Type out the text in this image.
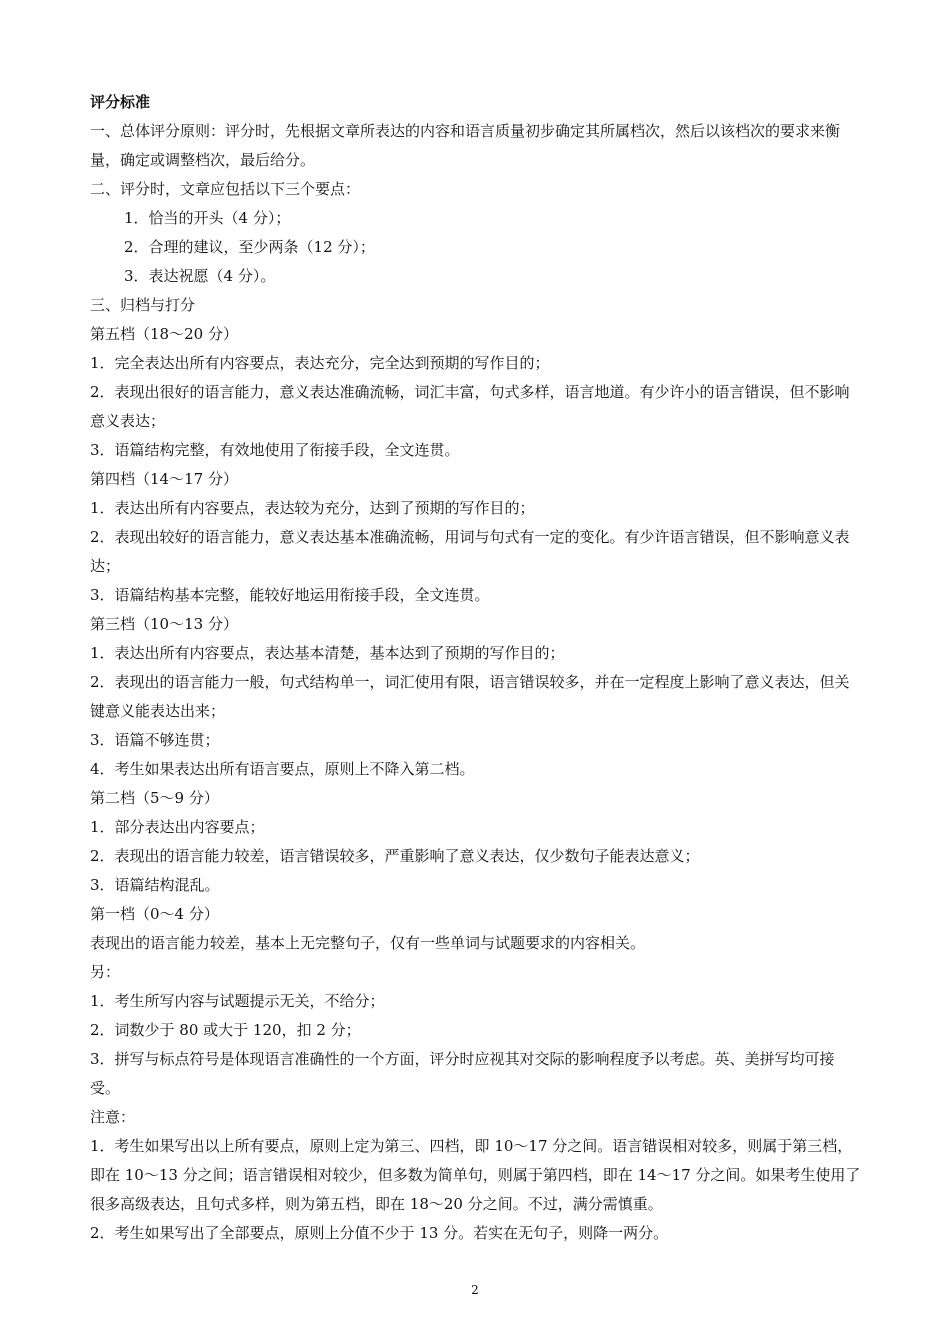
评分标准

一、总体评分原则：评分时，先根据文章所表达的内容和语言质量初步确定其所属档次，然后以该档次的要求来衡量，确定或调整档次，最后给分。

二、评分时，文章应包括以下三个要点：

1．恰当的开头（4 分）；

2．合理的建议，至少两条（12 分）；

3．表达祝愿（4 分）。

三、归档与打分

第五档（18～20 分）

1．完全表达出所有内容要点，表达充分，完全达到预期的写作目的；

2．表现出很好的语言能力，意义表达准确流畅，词汇丰富，句式多样，语言地道。有少许小的语言错误，但不影响意义表达；

3．语篇结构完整，有效地使用了衔接手段，全文连贯。

第四档（14～17 分）

1．表达出所有内容要点，表达较为充分，达到了预期的写作目的；

2．表现出较好的语言能力，意义表达基本准确流畅，用词与句式有一定的变化。有少许语言错误，但不影响意义表达；

3．语篇结构基本完整，能较好地运用衔接手段，全文连贯。

第三档（10～13 分）

1．表达出所有内容要点，表达基本清楚，基本达到了预期的写作目的；

2．表现出的语言能力一般，句式结构单一，词汇使用有限，语言错误较多，并在一定程度上影响了意义表达，但关键意义能表达出来；

3．语篇不够连贯；

4．考生如果表达出所有语言要点，原则上不降入第二档。

第二档（5～9 分）

1．部分表达出内容要点；

2．表现出的语言能力较差，语言错误较多，严重影响了意义表达，仅少数句子能表达意义；

3．语篇结构混乱。

第一档（0～4 分）

表现出的语言能力较差，基本上无完整句子，仅有一些单词与试题要求的内容相关。

另：

1．考生所写内容与试题提示无关，不给分；

2．词数少于 80 或大于 120，扣 2 分；

3．拼写与标点符号是体现语言准确性的一个方面，评分时应视其对交际的影响程度予以考虑。英、美拼写均可接受。

注意：

1．考生如果写出以上所有要点，原则上定为第三、四档，即 10～17 分之间。语言错误相对较多，则属于第三档，即在 10～13 分之间；语言错误相对较少，但多数为简单句，则属于第四档，即在 14～17 分之间。如果考生使用了很多高级表达，且句式多样，则为第五档，即在 18～20 分之间。不过，满分需慎重。

2．考生如果写出了全部要点，原则上分值不少于 13 分。若实在无句子，则降一两分。

2
